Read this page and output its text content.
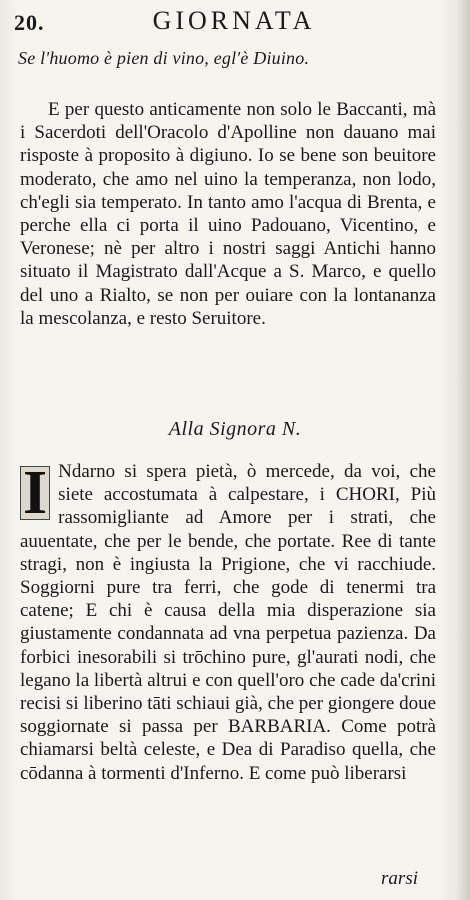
20.	GIORNATA
Se l'huomo è pien di vino, egl'è Diuino.
E per questo anticamente non solo le Baccanti, mà i Sacerdoti dell'Oracolo d'Apolline non dauano mai risposte à proposito à digiuno. Io se bene son beuitore moderato, che amo nel uino la temperanza, non lodo, ch'egli sia temperato. In tanto amo l'acqua di Brenta, e perche ella ci porta il uino Padouano, Vicentino, e Veronese; nè per altro i nostri saggi Antichi hanno situato il Magistrato dall'Acque a S. Marco, e quello del uno a Rialto, se non per ouiare con la lontananza la mescolanza, e resto Seruitore.
Alla Signora N.
I Ndarno si spera pietà, ò mercede, da voi, che siete accostumata à calpestare, i CHORI, Più rassomigliante ad Amore per i strati, che auuentate, che per le bende, che portate. Ree di tante stragi, non è ingiusta la Prigione, che vi racchiude. Soggiorni pure tra ferri, che gode di tenermi tra catene; E chi è causa della mia disperazione sia giustamente condannata ad vna perpetua pazienza. Da forbici inesorabili si trōchino pure, gl'aurati nodi, che legano la libertà altrui e con quell'oro che cade da'crini recisi si liberino tāti schiaui già, che per giongere doue soggiornate si passa per BARBARIA. Come potrà chiamarsi beltà celeste, e Dea di Paradiso quella, che cōdanna à tormenti d'Inferno. E come può liberarsi
rarsi
